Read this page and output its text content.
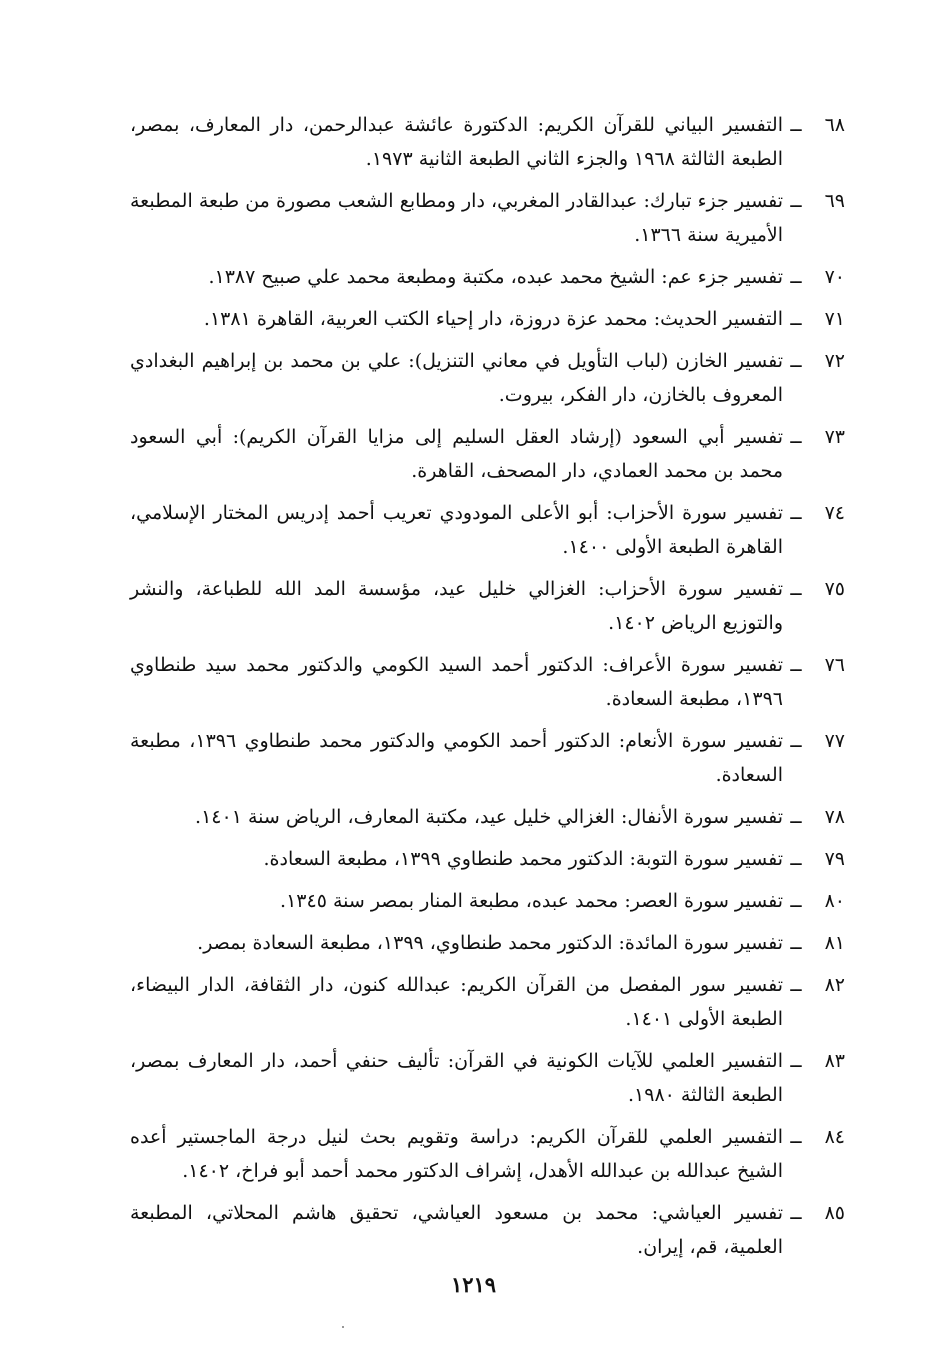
٦٨
ــ
التفسير البياني للقرآن الكريم: الدكتورة عائشة عبدالرحمن، دار المعارف، بمصر، الطبعة الثالثة ١٩٦٨ والجزء الثاني الطبعة الثانية ١٩٧٣.
٦٩
ــ
تفسير جزء تبارك: عبدالقادر المغربي، دار ومطابع الشعب مصورة من طبعة المطبعة الأميرية سنة ١٣٦٦.
٧٠
ــ
تفسير جزء عم: الشيخ محمد عبده، مكتبة ومطبعة محمد علي صبيح ١٣٨٧.
٧١
ــ
التفسير الحديث: محمد عزة دروزة، دار إحياء الكتب العربية، القاهرة ١٣٨١.
٧٢
ــ
تفسير الخازن (لباب التأويل في معاني التنزيل): علي بن محمد بن إبراهيم البغدادي المعروف بالخازن، دار الفكر، بيروت.
٧٣
ــ
تفسير أبي السعود (إرشاد العقل السليم إلى مزايا القرآن الكريم): أبي السعود محمد بن محمد العمادي، دار المصحف، القاهرة.
٧٤
ــ
تفسير سورة الأحزاب: أبو الأعلى المودودي تعريب أحمد إدريس المختار الإسلامي، القاهرة الطبعة الأولى ١٤٠٠.
٧٥
ــ
تفسير سورة الأحزاب: الغزالي خليل عيد، مؤسسة المد الله للطباعة، والنشر والتوزيع الرياض ١٤٠٢.
٧٦
ــ
تفسير سورة الأعراف: الدكتور أحمد السيد الكومي والدكتور محمد سيد طنطاوي ١٣٩٦، مطبعة السعادة.
٧٧
ــ
تفسير سورة الأنعام: الدكتور أحمد الكومي والدكتور محمد طنطاوي ١٣٩٦، مطبعة السعادة.
٧٨
ــ
تفسير سورة الأنفال: الغزالي خليل عيد، مكتبة المعارف، الرياض سنة ١٤٠١.
٧٩
ــ
تفسير سورة التوبة: الدكتور محمد طنطاوي ١٣٩٩، مطبعة السعادة.
٨٠
ــ
تفسير سورة العصر: محمد عبده، مطبعة المنار بمصر سنة ١٣٤٥.
٨١
ــ
تفسير سورة المائدة: الدكتور محمد طنطاوي، ١٣٩٩، مطبعة السعادة بمصر.
٨٢
ــ
تفسير سور المفصل من القرآن الكريم: عبدالله كنون، دار الثقافة، الدار البيضاء، الطبعة الأولى ١٤٠١.
٨٣
ــ
التفسير العلمي للآيات الكونية في القرآن: تأليف حنفي أحمد، دار المعارف بمصر، الطبعة الثالثة ١٩٨٠.
٨٤
ــ
التفسير العلمي للقرآن الكريم: دراسة وتقويم بحث لنيل درجة الماجستير أعده الشيخ عبدالله بن عبدالله الأهدل، إشراف الدكتور محمد أحمد أبو فراخ، ١٤٠٢.
٨٥
ــ
تفسير العياشي: محمد بن مسعود العياشي، تحقيق هاشم المحلاتي، المطبعة العلمية، قم، إيران.
١٢١٩
